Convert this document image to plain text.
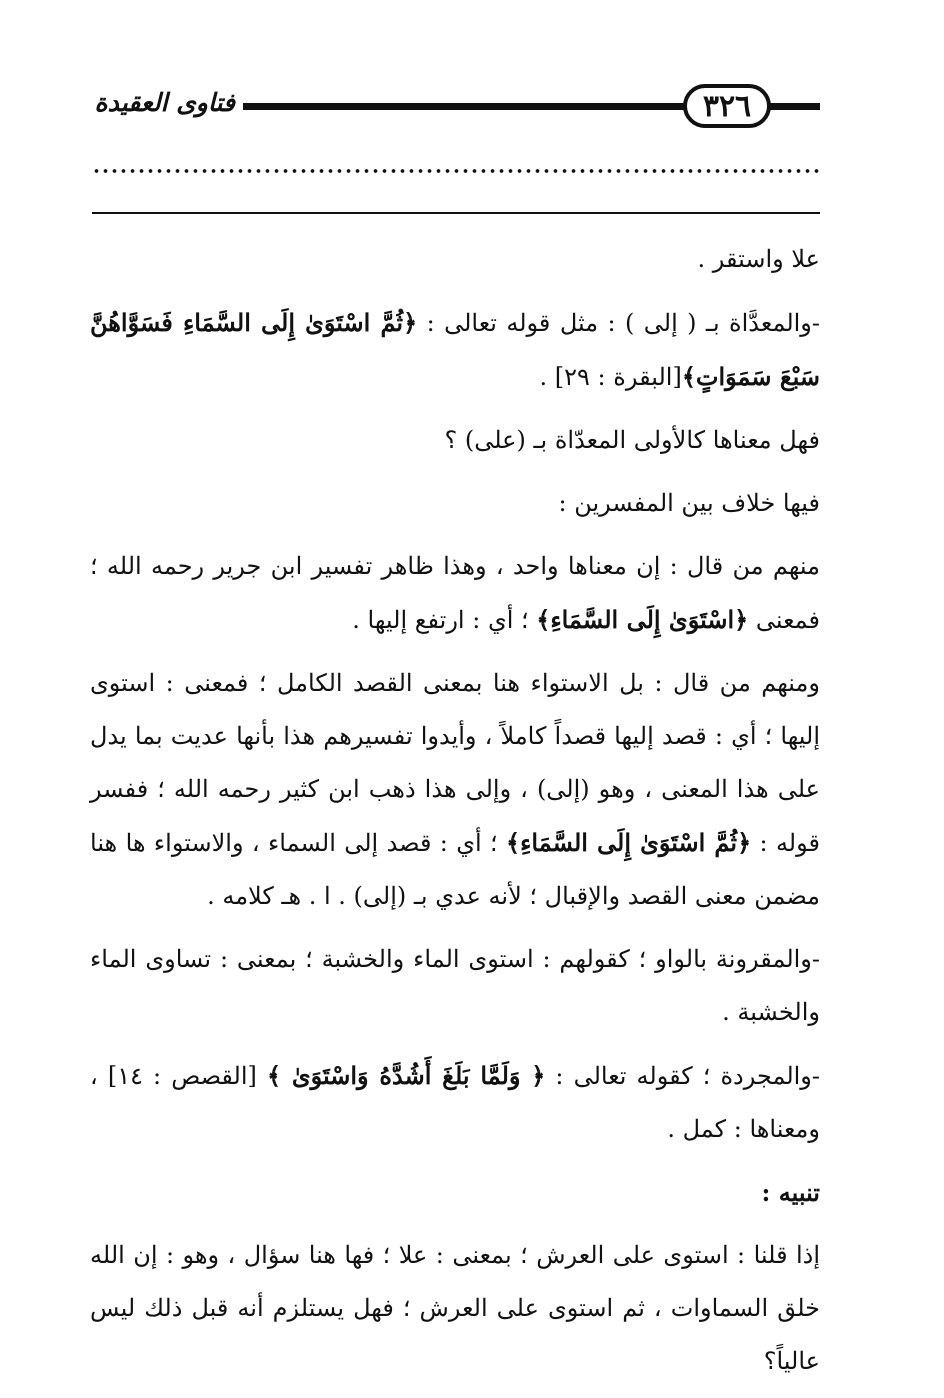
٣٢٦
فتاوى العقيدة

علا واستقر .

-والمعدَّاة بـ ( إلى ) : مثل قوله تعالى : ﴿ثُمَّ اسْتَوَىٰ إِلَى السَّمَاءِ فَسَوَّاهُنَّ سَبْعَ سَمَوَاتٍ﴾[البقرة : ٢٩] .

فهل معناها كالأولى المعدّاة بـ (على) ؟

فيها خلاف بين المفسرين :

منهم من قال : إن معناها واحد ، وهذا ظاهر تفسير ابن جرير رحمه الله ؛ فمعنى ﴿اسْتَوَىٰ إِلَى السَّمَاءِ﴾ ؛ أي : ارتفع إليها .

ومنهم من قال : بل الاستواء هنا بمعنى القصد الكامل ؛ فمعنى : استوى إليها ؛ أي : قصد إليها قصداً كاملاً ، وأيدوا تفسيرهم هذا بأنها عديت بما يدل على هذا المعنى ، وهو (إلى) ، وإلى هذا ذهب ابن كثير رحمه الله ؛ ففسر قوله : ﴿ثُمَّ اسْتَوَىٰ إِلَى السَّمَاءِ﴾ ؛ أي : قصد إلى السماء ، والاستواء ها هنا مضمن معنى القصد والإقبال ؛ لأنه عدي بـ (إلى) . ا . هـ كلامه .

-والمقرونة بالواو ؛ كقولهم : استوى الماء والخشبة ؛ بمعنى : تساوى الماء والخشبة .

-والمجردة ؛ كقوله تعالى : ﴿ وَلَمَّا بَلَغَ أَشُدَّهُ وَاسْتَوَىٰ ﴾ [القصص : ١٤] ، ومعناها : كمل .

تنبيه :

إذا قلنا : استوى على العرش ؛ بمعنى : علا ؛ فها هنا سؤال ، وهو : إن الله خلق السماوات ، ثم استوى على العرش ؛ فهل يستلزم أنه قبل ذلك ليس عالياً؟
